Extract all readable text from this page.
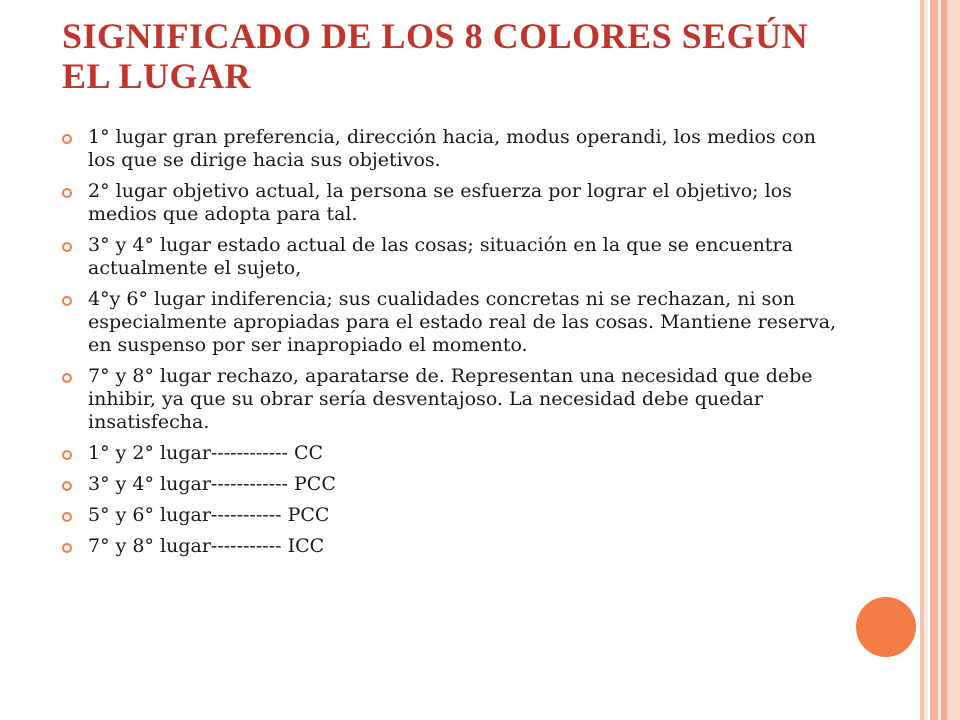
SIGNIFICADO DE LOS 8 COLORES SEGÚN EL LUGAR
1° lugar gran preferencia, dirección hacia, modus operandi, los medios con los que se dirige hacia sus objetivos.
2° lugar objetivo actual, la persona se esfuerza por lograr el objetivo; los medios que adopta para tal.
3° y 4° lugar estado actual de las cosas; situación en la que se encuentra actualmente el sujeto,
4°y 6° lugar indiferencia; sus cualidades concretas ni se rechazan, ni son especialmente apropiadas para el estado real de las cosas. Mantiene reserva, en suspenso por ser inapropiado el momento.
7° y 8° lugar rechazo, aparatarse de. Representan una necesidad que debe inhibir, ya que su obrar sería desventajoso. La necesidad debe quedar insatisfecha.
1° y 2° lugar------------ CC
3° y 4° lugar------------ PCC
5° y 6° lugar----------- PCC
7° y 8° lugar----------- ICC
